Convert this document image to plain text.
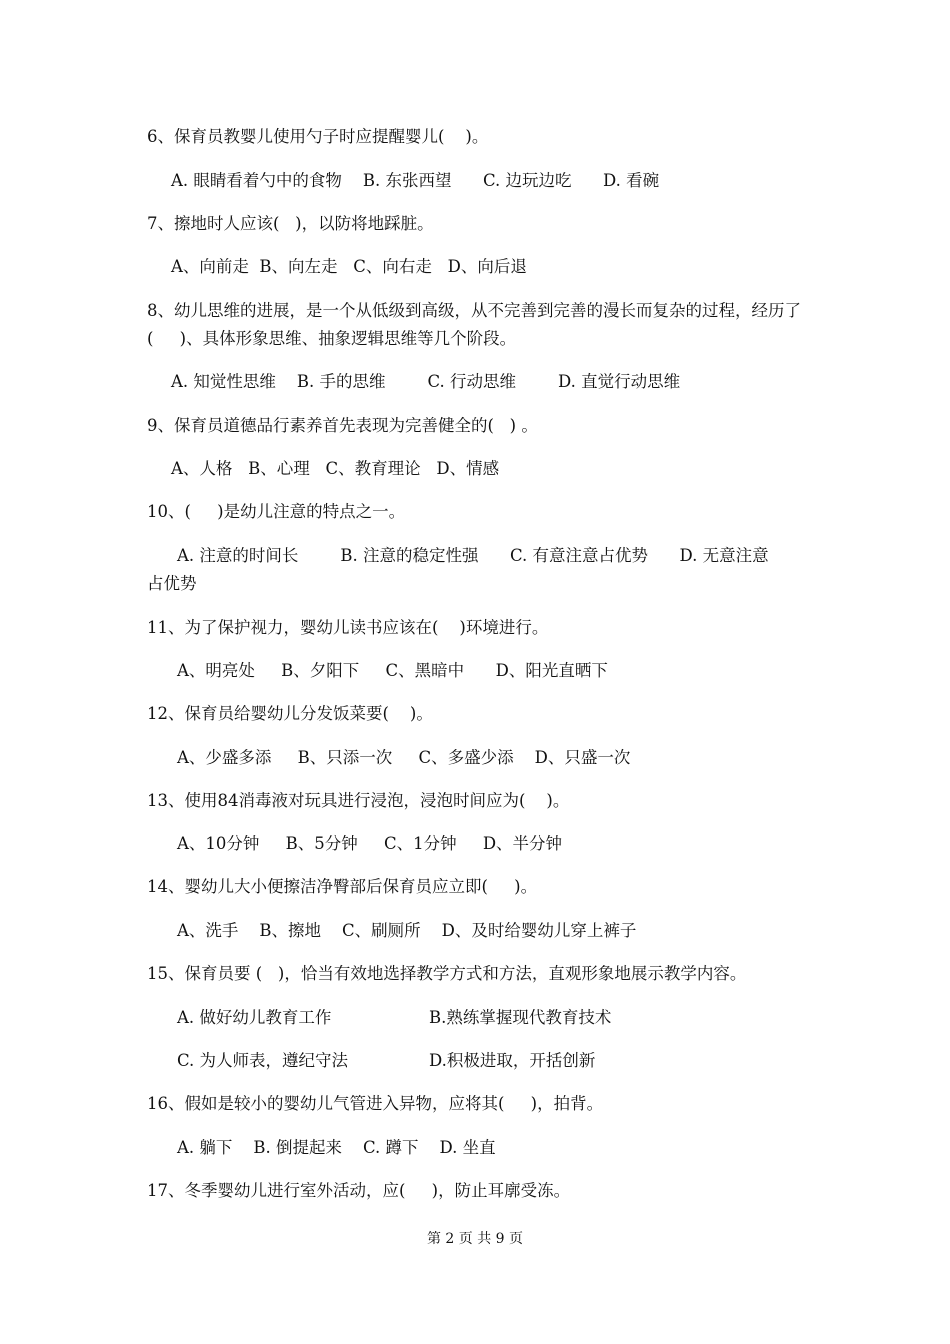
6、保育员教婴儿使用勺子时应提醒婴儿(    )。
A. 眼睛看着勺中的食物    B. 东张西望      C. 边玩边吃      D. 看碗
7、擦地时人应该(   )，以防将地踩脏。
A、向前走  B、向左走   C、向右走   D、向后退
8、幼儿思维的进展，是一个从低级到高级，从不完善到完善的漫长而复杂的过程，经历了
(     )、具体形象思维、抽象逻辑思维等几个阶段。
A. 知觉性思维    B. 手的思维        C. 行动思维        D. 直觉行动思维
9、保育员道德品行素养首先表现为完善健全的(   ) 。
A、人格   B、心理   C、教育理论   D、情感
10、(     )是幼儿注意的特点之一。
A. 注意的时间长        B. 注意的稳定性强      C. 有意注意占优势      D. 无意注意
占优势
11、为了保护视力，婴幼儿读书应该在(    )环境进行。
A、明亮处     B、夕阳下     C、黑暗中      D、阳光直晒下
12、保育员给婴幼儿分发饭菜要(    )。
A、少盛多添     B、只添一次     C、多盛少添    D、只盛一次
13、使用84消毒液对玩具进行浸泡，浸泡时间应为(    )。
A、10分钟     B、5分钟     C、1分钟     D、半分钟
14、婴幼儿大小便擦洁净臀部后保育员应立即(     )。
A、洗手    B、擦地    C、刷厕所    D、及时给婴幼儿穿上裤子
15、保育员要 (   )，恰当有效地选择教学方式和方法，直观形象地展示教学内容。
A. 做好幼儿教育工作	B.熟练掌握现代教育技术
C. 为人师表，遵纪守法	D.积极进取，开括创新
16、假如是较小的婴幼儿气管进入异物，应将其(     )，拍背。
A. 躺下    B. 倒提起来    C. 蹲下    D. 坐直
17、冬季婴幼儿进行室外活动，应(     )，防止耳廓受冻。
第 2 页 共 9 页
